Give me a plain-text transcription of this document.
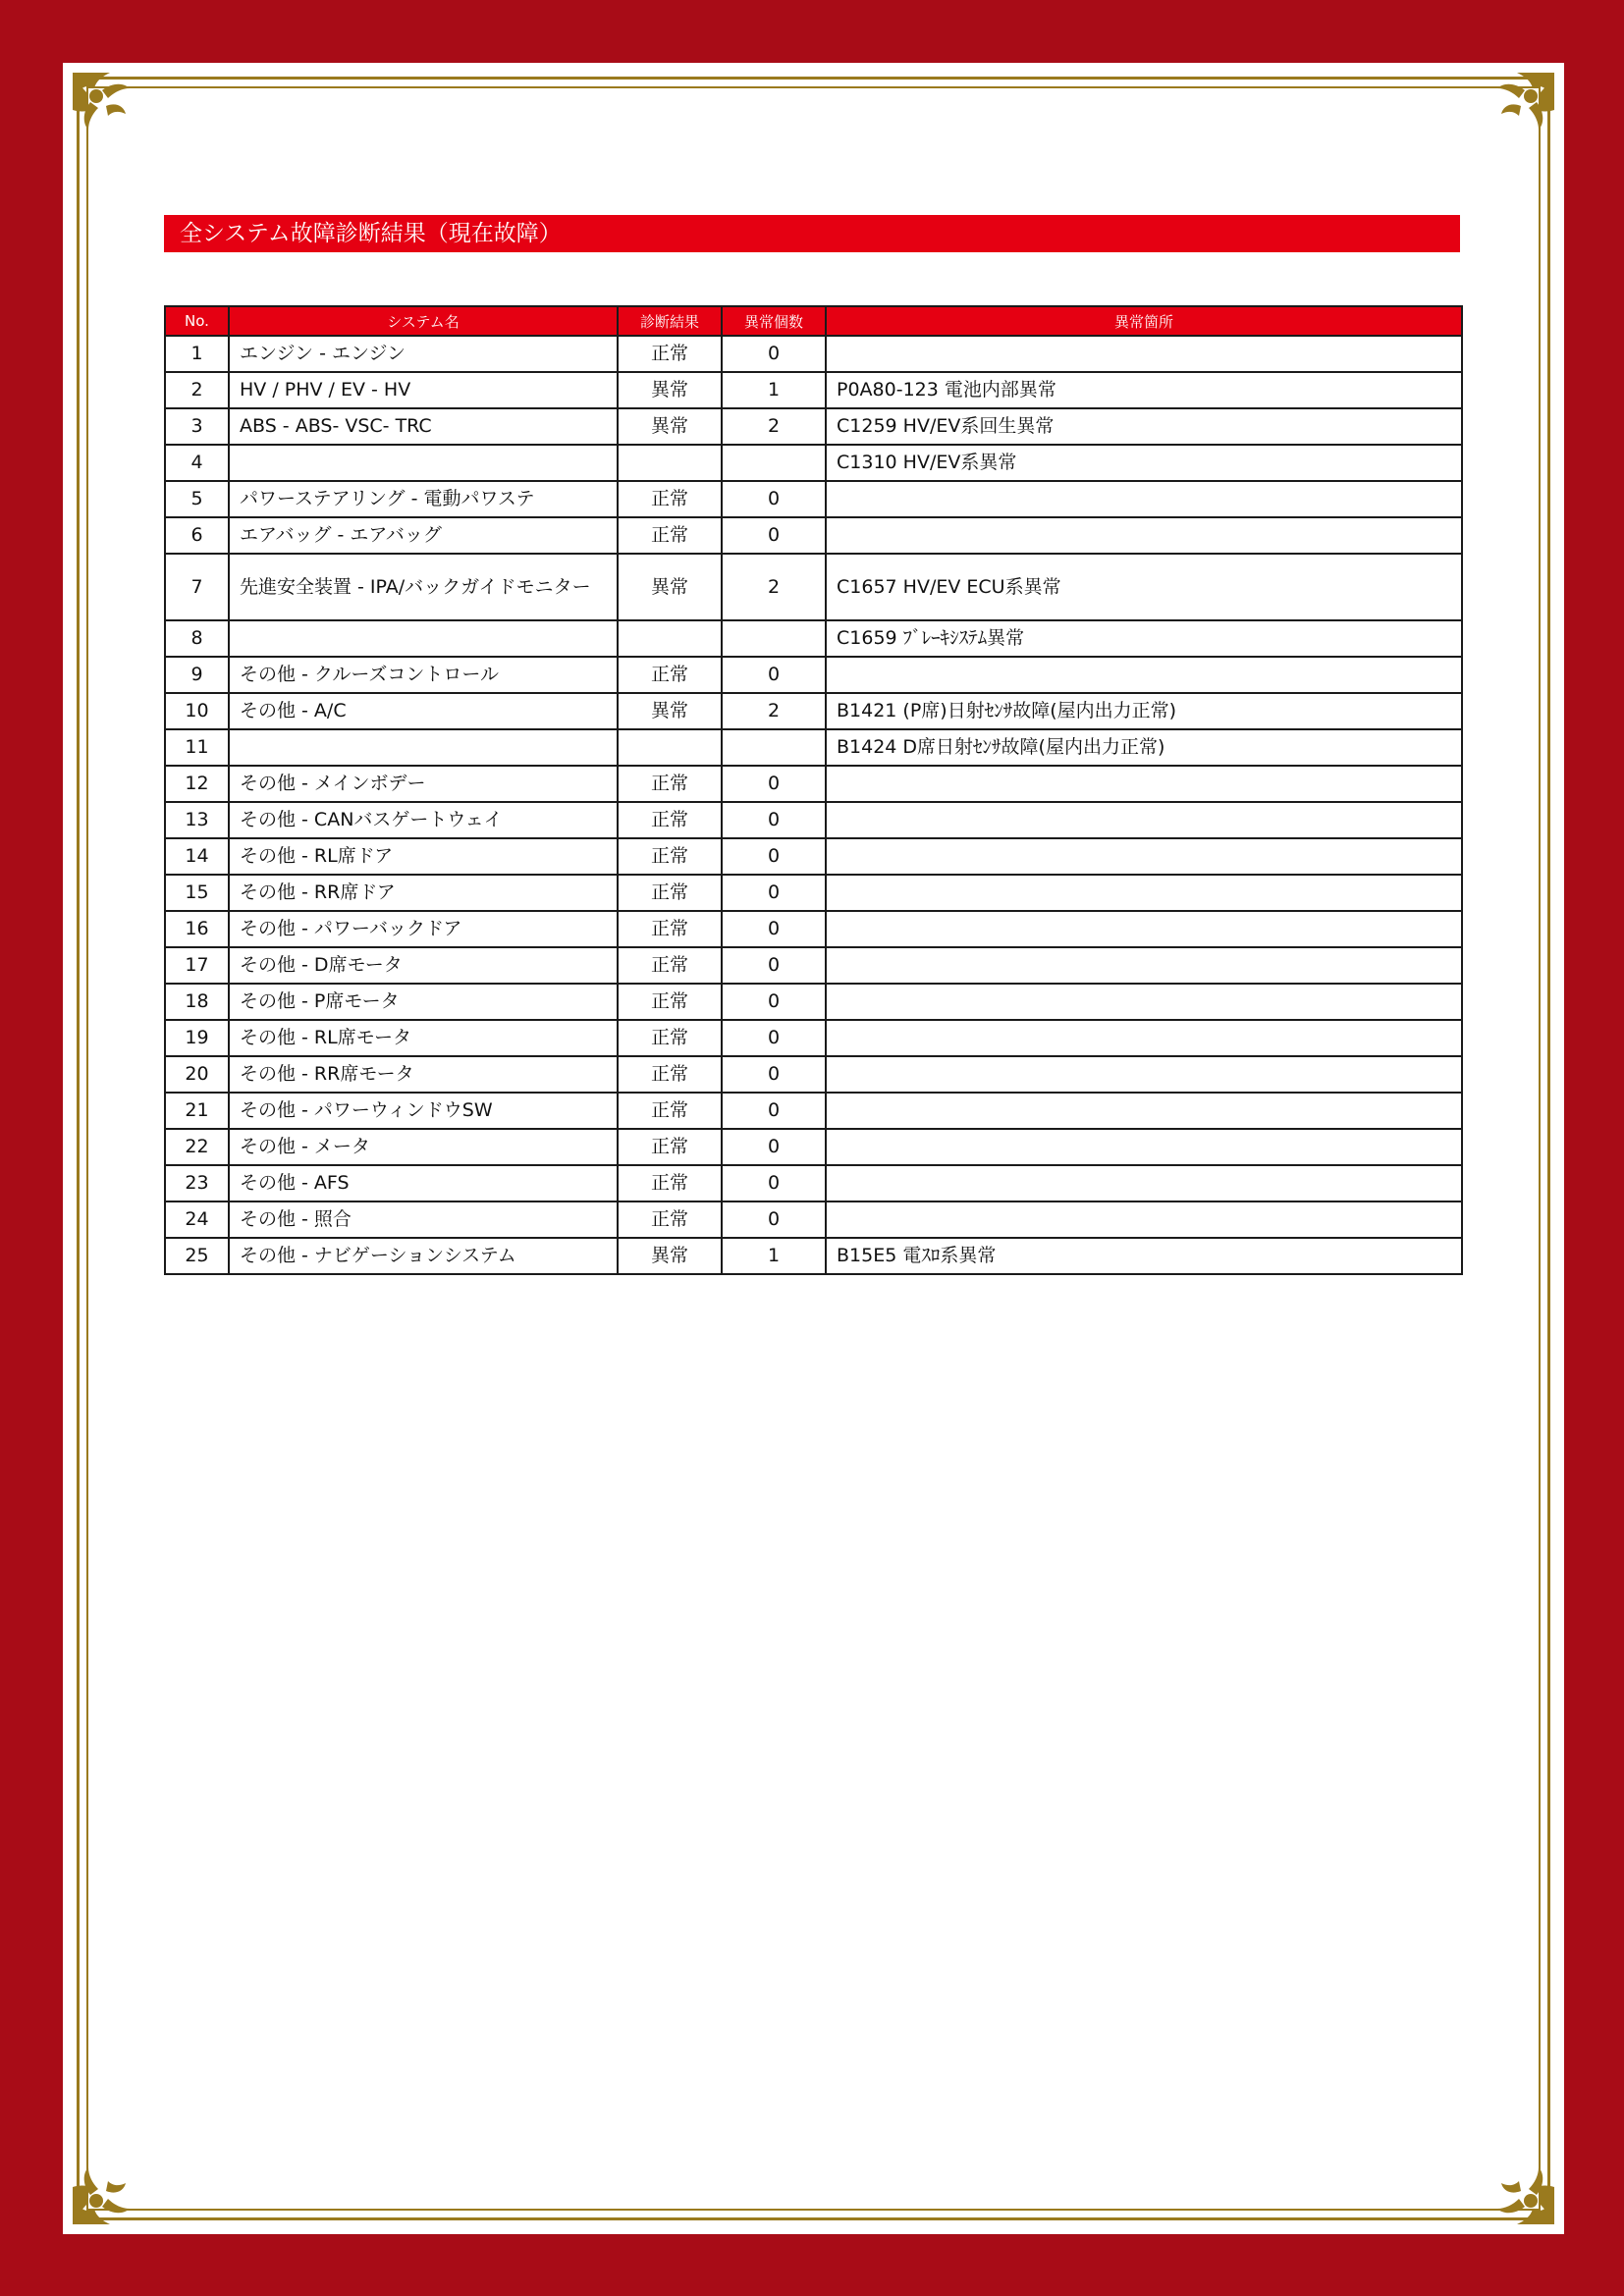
全システム故障診断結果（現在故障）
No.	システム名	診断結果	異常個数	異常箇所
1	エンジン - エンジン	正常	0	
2	HV / PHV / EV - HV	異常	1	P0A80-123 電池内部異常
3	ABS - ABS- VSC- TRC	異常	2	C1259 HV/EV系回生異常
4				C1310 HV/EV系異常
5	パワーステアリング - 電動パワステ	正常	0	
6	エアバッグ - エアバッグ	正常	0	
7	先進安全装置 - IPA/バックガイドモニター	異常	2	C1657 HV/EV ECU系異常
8				C1659 ﾌﾞﾚｰｷｼｽﾃﾑ異常
9	その他 - クルーズコントロール	正常	0	
10	その他 - A/C	異常	2	B1421 (P席)日射ｾﾝｻ故障(屋内出力正常)
11				B1424 D席日射ｾﾝｻ故障(屋内出力正常)
12	その他 - メインボデー	正常	0	
13	その他 - CANバスゲートウェイ	正常	0	
14	その他 - RL席ドア	正常	0	
15	その他 - RR席ドア	正常	0	
16	その他 - パワーバックドア	正常	0	
17	その他 - D席モータ	正常	0	
18	その他 - P席モータ	正常	0	
19	その他 - RL席モータ	正常	0	
20	その他 - RR席モータ	正常	0	
21	その他 - パワーウィンドウSW	正常	0	
22	その他 - メータ	正常	0	
23	その他 - AFS	正常	0	
24	その他 - 照合	正常	0	
25	その他 - ナビゲーションシステム	異常	1	B15E5 電ｽﾛ系異常
